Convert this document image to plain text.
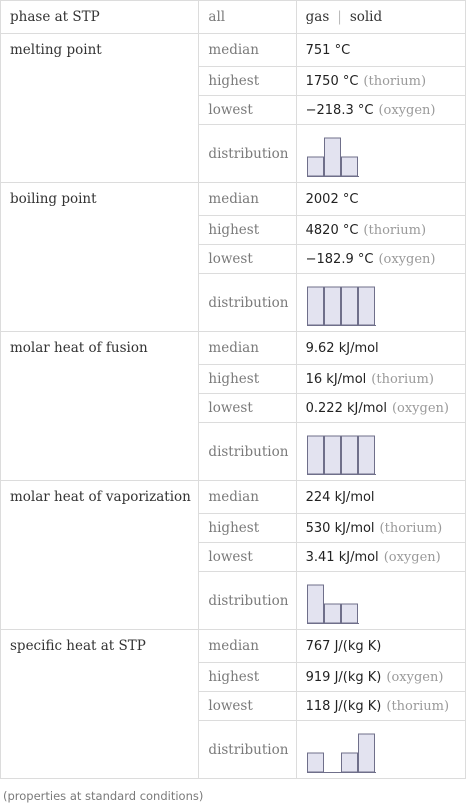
phase at STP	all	gas | solid
melting point	median	751 °C
	highest	1750 °C (thorium)
	lowest	−218.3 °C (oxygen)
	distribution	

boiling point	median	2002 °C
	highest	4820 °C (thorium)
	lowest	−182.9 °C (oxygen)
	distribution	

molar heat of fusion	median	9.62 kJ/mol
	highest	16 kJ/mol (thorium)
	lowest	0.222 kJ/mol (oxygen)
	distribution	

molar heat of vaporization	median	224 kJ/mol
	highest	530 kJ/mol (thorium)
	lowest	3.41 kJ/mol (oxygen)
	distribution	

specific heat at STP	median	767 J/(kg K)
	highest	919 J/(kg K) (oxygen)
	lowest	118 J/(kg K) (thorium)
	distribution	
(properties at standard conditions)
